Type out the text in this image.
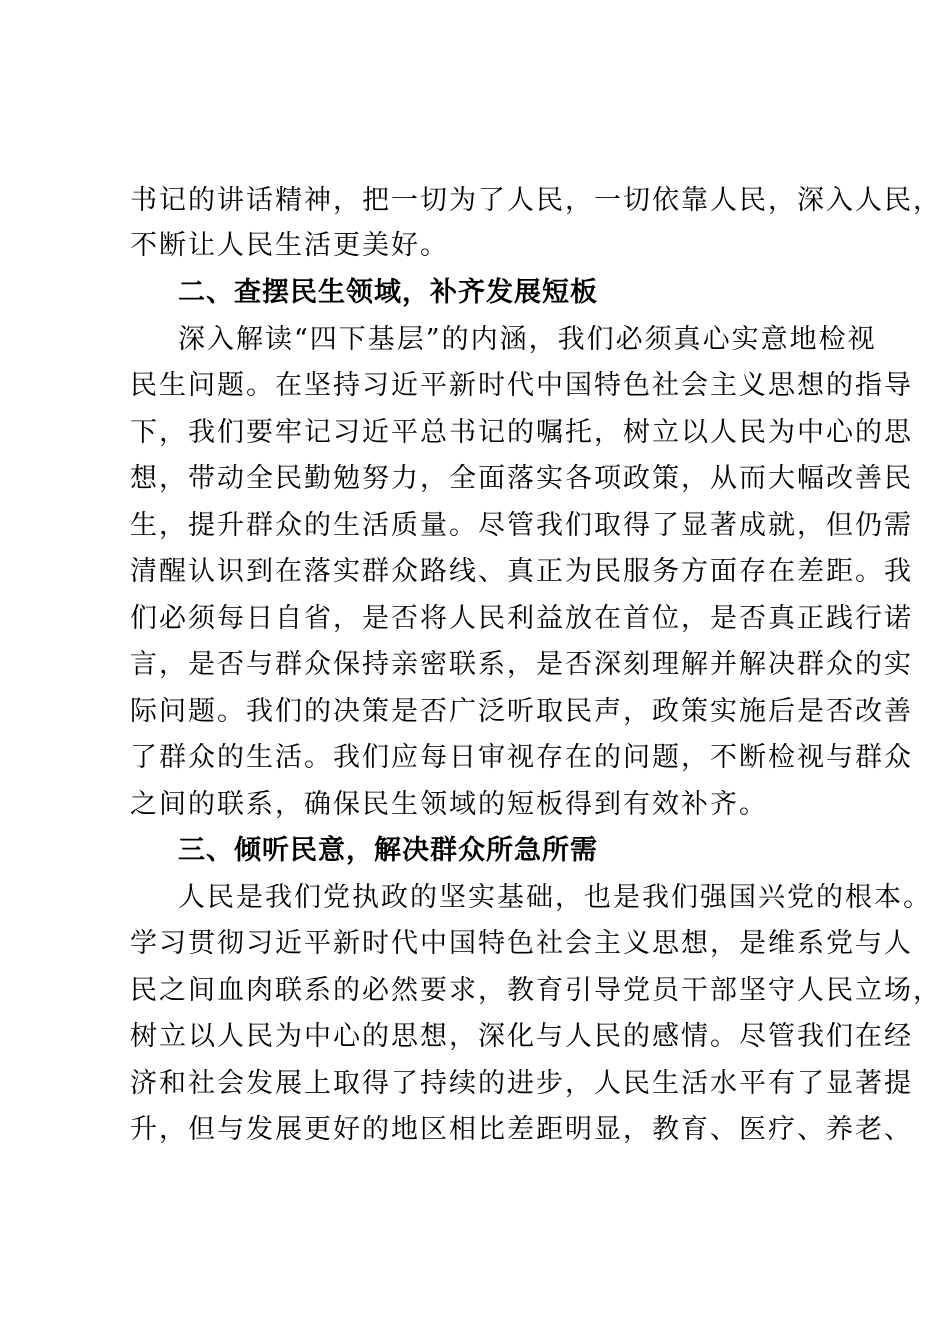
书记的讲话精神，把一切为了人民，一切依靠人民，深入人民，
不断让人民生活更美好。
二、查摆民生领域，补齐发展短板
深入解读“四下基层”的内涵，我们必须真心实意地检视
民生问题。在坚持习近平新时代中国特色社会主义思想的指导
下，我们要牢记习近平总书记的嘱托，树立以人民为中心的思
想，带动全民勤勉努力，全面落实各项政策，从而大幅改善民
生，提升群众的生活质量。尽管我们取得了显著成就，但仍需
清醒认识到在落实群众路线、真正为民服务方面存在差距。我
们必须每日自省，是否将人民利益放在首位，是否真正践行诺
言，是否与群众保持亲密联系，是否深刻理解并解决群众的实
际问题。我们的决策是否广泛听取民声，政策实施后是否改善
了群众的生活。我们应每日审视存在的问题，不断检视与群众
之间的联系，确保民生领域的短板得到有效补齐。
三、倾听民意，解决群众所急所需
人民是我们党执政的坚实基础，也是我们强国兴党的根本。
学习贯彻习近平新时代中国特色社会主义思想，是维系党与人
民之间血肉联系的必然要求，教育引导党员干部坚守人民立场，
树立以人民为中心的思想，深化与人民的感情。尽管我们在经
济和社会发展上取得了持续的进步，人民生活水平有了显著提
升，但与发展更好的地区相比差距明显，教育、医疗、养老、
